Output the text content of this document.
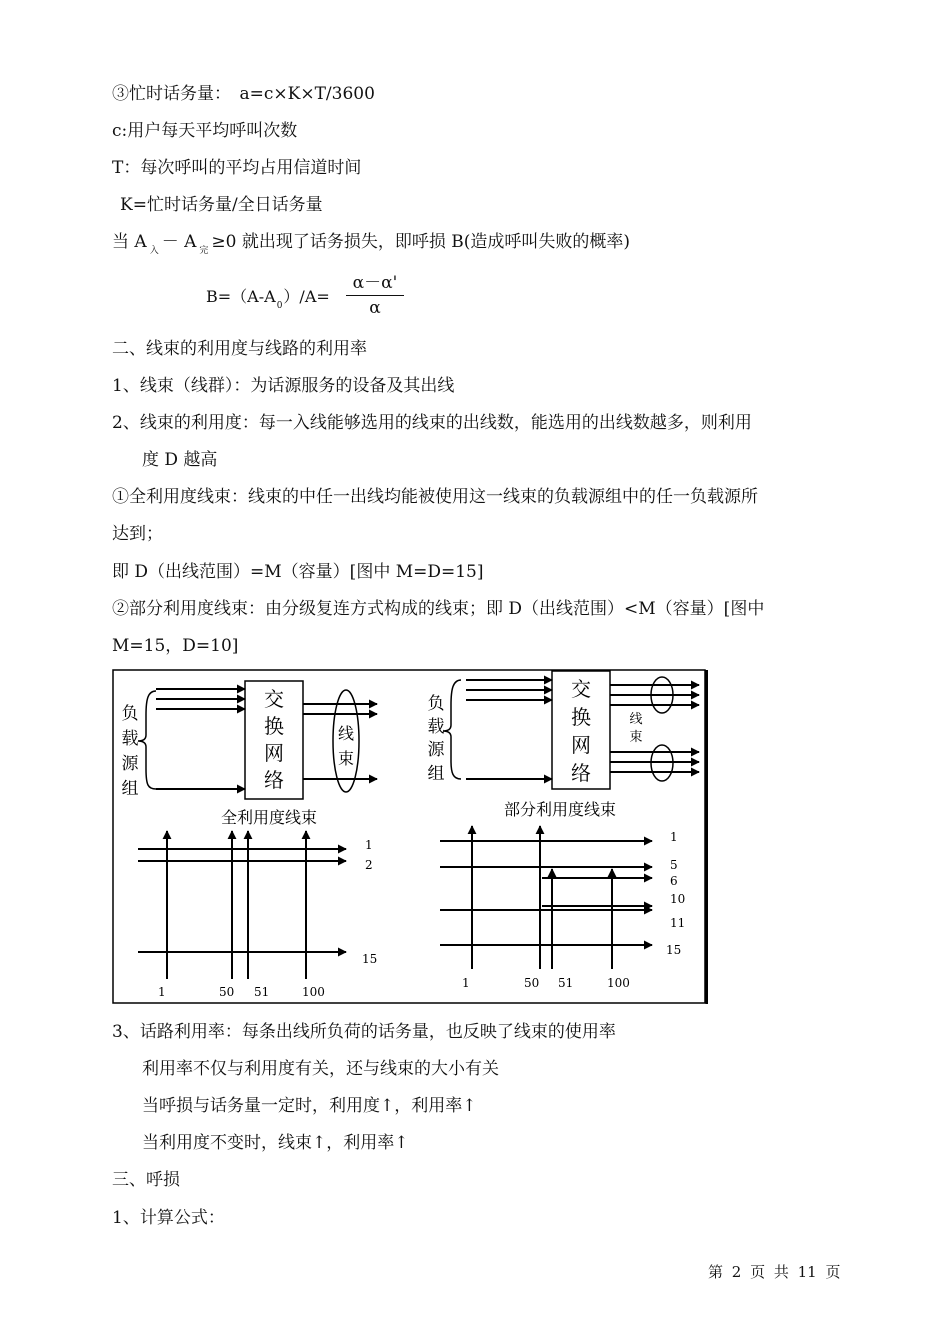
③忙时话务量：　a=c×K×T/3600
c:用户每天平均呼叫次数
T：每次呼叫的平均占用信道时间
K=忙时话务量/全日话务量
当 A $_入$ － A $_完$ ≥0 就出现了话务损失，即呼损 B(造成呼叫失败的概率)
$B=(A-A_0)/A= \frac{\alpha-\alpha'}{\alpha}$
二、线束的利用度与线路的利用率
1、线束（线群）：为话源服务的设备及其出线
2、线束的利用度：每一入线能够选用的线束的出线数，能选用的出线数越多，则利用
度 D 越高
①全利用度线束：线束的中任一出线均能被使用这一线束的负载源组中的任一负载源所
达到；
即 D（出线范围）=M（容量）[图中 M=D=15]
②部分利用度线束：由分级复连方式构成的线束；即 D（出线范围）<M（容量）[图中
M=15，D=10]
负
载
源
组
负
载
源
组
交
换
网
络
交
换
网
络
线
束
线
束
全利用度线束	部分利用度线束
1
2
15
1	50 51	100
1
5
6
10
11
15
1	50 51	100
3、话路利用率：每条出线所负荷的话务量，也反映了线束的使用率
利用率不仅与利用度有关，还与线束的大小有关
当呼损与话务量一定时，利用度↑，利用率↑
当利用度不变时，线束↑，利用率↑
三、呼损
1、计算公式：
第 2 页 共 11 页
